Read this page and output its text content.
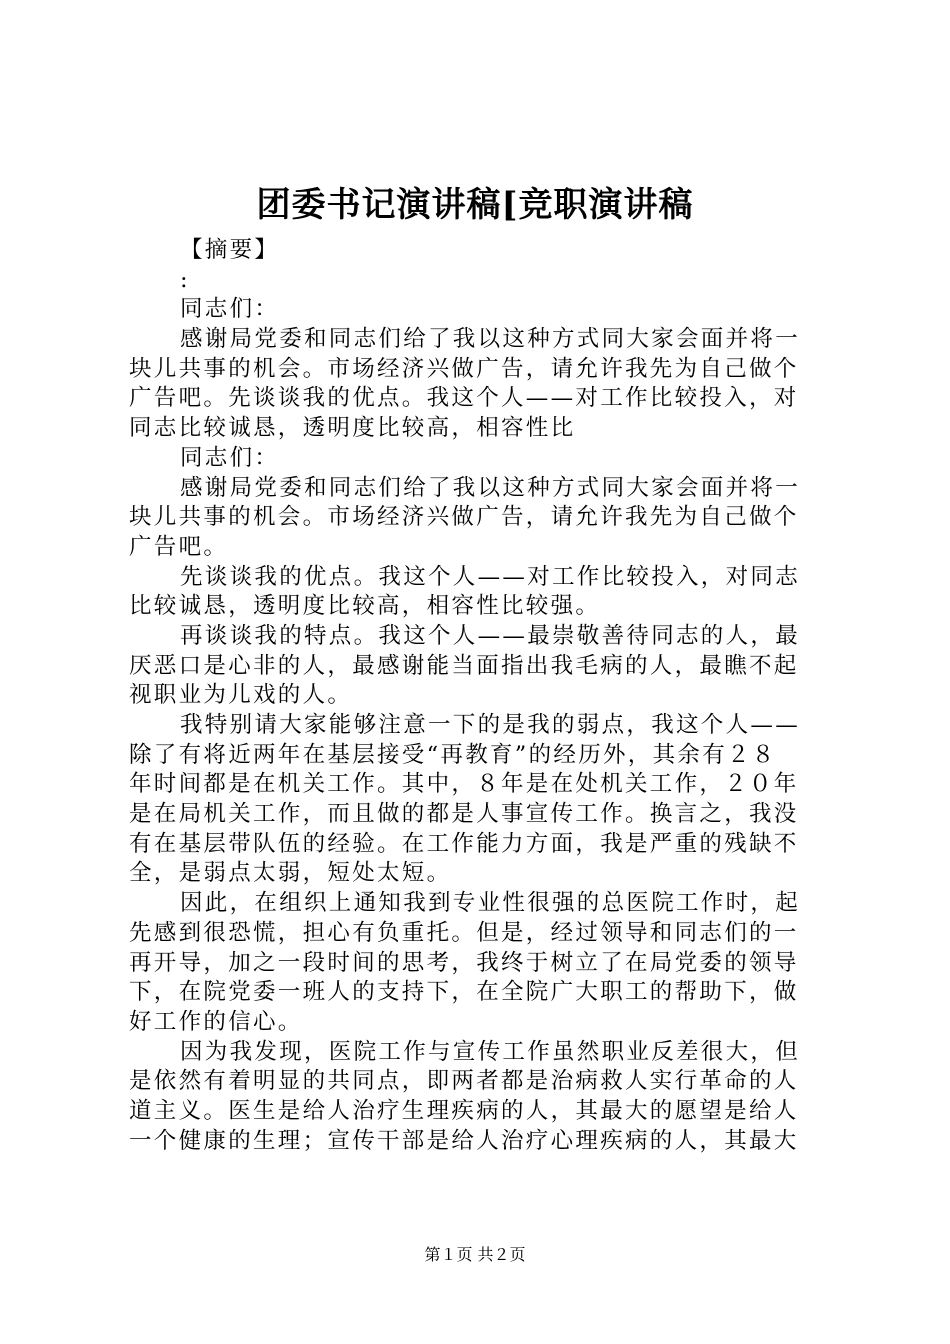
团委书记演讲稿[竞职演讲稿
【摘要】
:
同志们：
感谢局党委和同志们给了我以这种方式同大家会面并将一
块儿共事的机会。市场经济兴做广告，请允许我先为自己做个
广告吧。先谈谈我的优点。我这个人——对工作比较投入，对
同志比较诚恳，透明度比较高，相容性比
同志们：
感谢局党委和同志们给了我以这种方式同大家会面并将一
块儿共事的机会。市场经济兴做广告，请允许我先为自己做个
广告吧。
先谈谈我的优点。我这个人——对工作比较投入，对同志
比较诚恳，透明度比较高，相容性比较强。
再谈谈我的特点。我这个人——最崇敬善待同志的人，最
厌恶口是心非的人，最感谢能当面指出我毛病的人，最瞧不起
视职业为儿戏的人。
我特别请大家能够注意一下的是我的弱点，我这个人——
除了有将近两年在基层接受“再教育”的经历外，其余有２８
年时间都是在机关工作。其中，８年是在处机关工作，２０年
是在局机关工作，而且做的都是人事宣传工作。换言之，我没
有在基层带队伍的经验。在工作能力方面，我是严重的残缺不
全，是弱点太弱，短处太短。
因此，在组织上通知我到专业性很强的总医院工作时，起
先感到很恐慌，担心有负重托。但是，经过领导和同志们的一
再开导，加之一段时间的思考，我终于树立了在局党委的领导
下，在院党委一班人的支持下，在全院广大职工的帮助下，做
好工作的信心。
因为我发现，医院工作与宣传工作虽然职业反差很大，但
是依然有着明显的共同点，即两者都是治病救人实行革命的人
道主义。医生是给人治疗生理疾病的人，其最大的愿望是给人
一个健康的生理；宣传干部是给人治疗心理疾病的人，其最大
第１页 共２页
